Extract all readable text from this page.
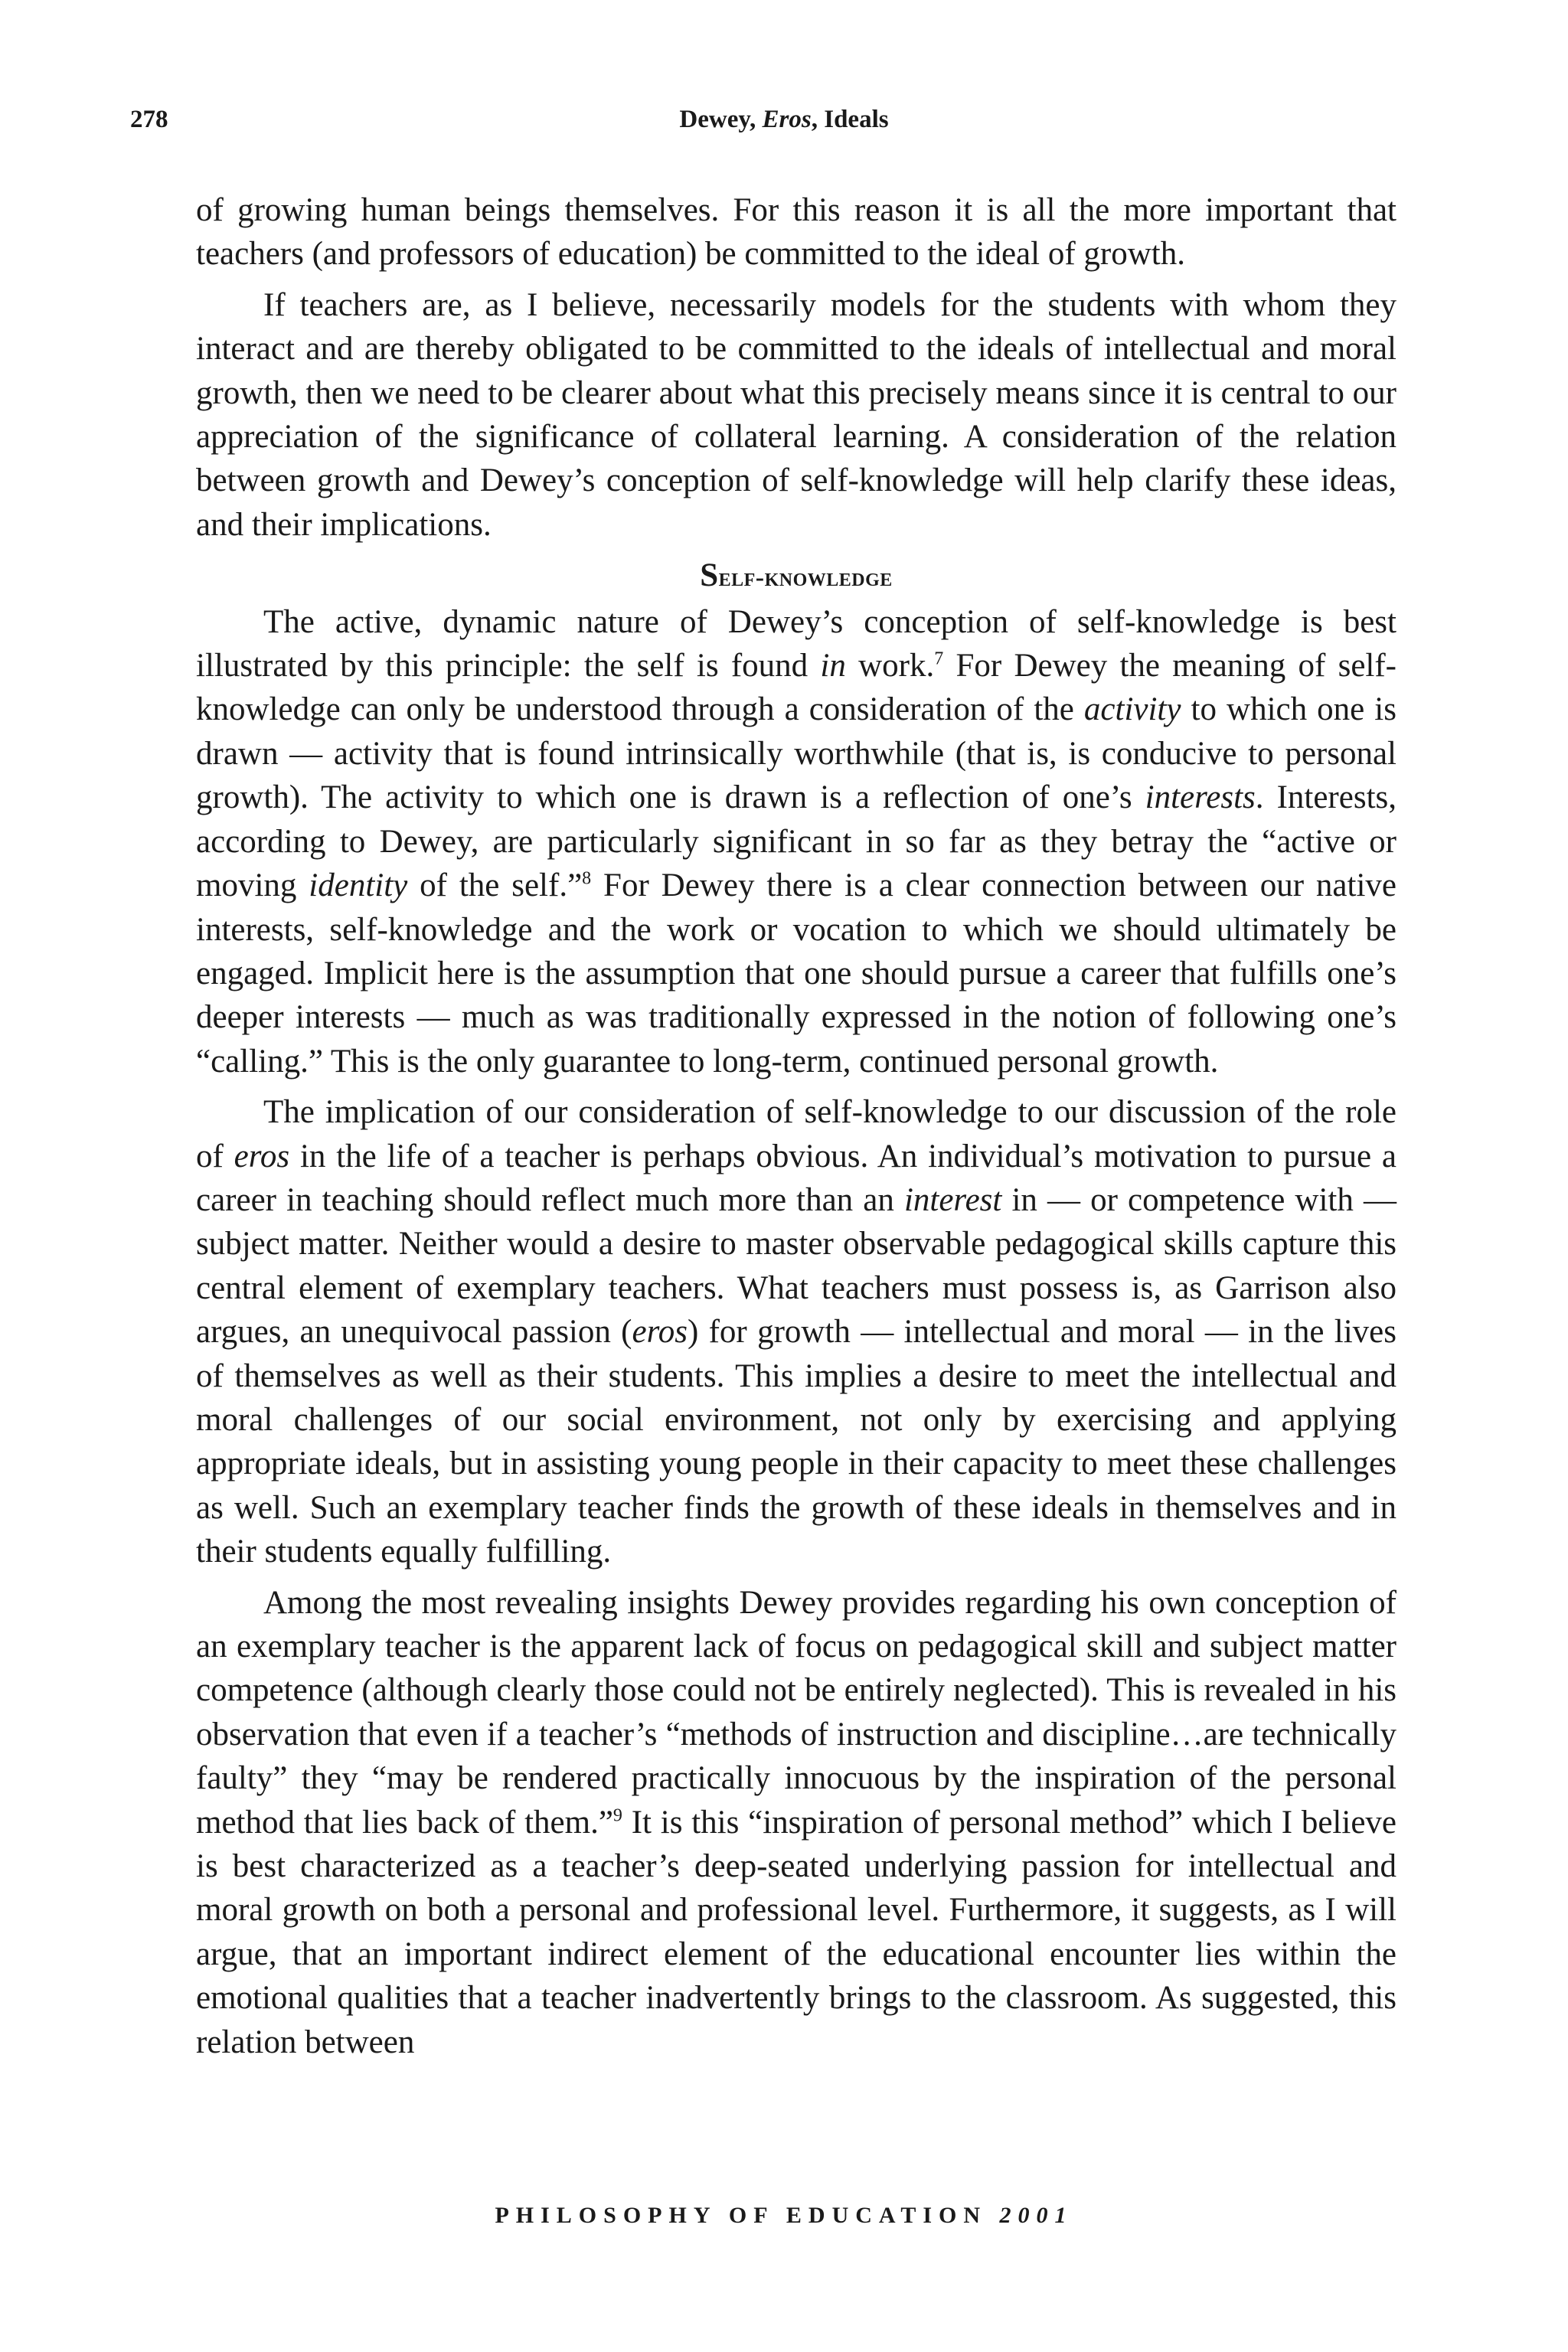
278	Dewey, Eros, Ideals

of growing human beings themselves. For this reason it is all the more important that teachers (and professors of education) be committed to the ideal of growth.

If teachers are, as I believe, necessarily models for the students with whom they interact and are thereby obligated to be committed to the ideals of intellectual and moral growth, then we need to be clearer about what this precisely means since it is central to our appreciation of the significance of collateral learning. A consideration of the relation between growth and Dewey’s conception of self-knowledge will help clarify these ideas, and their implications.

Self-knowledge

The active, dynamic nature of Dewey’s conception of self-knowledge is best illustrated by this principle: the self is found in work.$^7$ For Dewey the meaning of self-knowledge can only be understood through a consideration of the activity to which one is drawn — activity that is found intrinsically worthwhile (that is, is conducive to personal growth). The activity to which one is drawn is a reflection of one’s interests. Interests, according to Dewey, are particularly significant in so far as they betray the “active or moving identity of the self.”$^8$ For Dewey there is a clear connection between our native interests, self-knowledge and the work or vocation to which we should ultimately be engaged. Implicit here is the assumption that one should pursue a career that fulfills one’s deeper interests — much as was traditionally expressed in the notion of following one’s “calling.” This is the only guarantee to long-term, continued personal growth.

The implication of our consideration of self-knowledge to our discussion of the role of eros in the life of a teacher is perhaps obvious. An individual’s motivation to pursue a career in teaching should reflect much more than an interest in — or competence with — subject matter. Neither would a desire to master observable pedagogical skills capture this central element of exemplary teachers. What teachers must possess is, as Garrison also argues, an unequivocal passion (eros) for growth — intellectual and moral — in the lives of themselves as well as their students. This implies a desire to meet the intellectual and moral challenges of our social environment, not only by exercising and applying appropriate ideals, but in assisting young people in their capacity to meet these challenges as well. Such an exemplary teacher finds the growth of these ideals in themselves and in their students equally fulfilling.

Among the most revealing insights Dewey provides regarding his own conception of an exemplary teacher is the apparent lack of focus on pedagogical skill and subject matter competence (although clearly those could not be entirely neglected). This is revealed in his observation that even if a teacher’s “methods of instruction and discipline…are technically faulty” they “may be rendered practically innocuous by the inspiration of the personal method that lies back of them.”$^9$ It is this “inspiration of personal method” which I believe is best characterized as a teacher’s deep-seated underlying passion for intellectual and moral growth on both a personal and professional level. Furthermore, it suggests, as I will argue, that an important indirect element of the educational encounter lies within the emotional qualities that a teacher inadvertently brings to the classroom. As suggested, this relation between

PHILOSOPHY OF EDUCATION 2001
